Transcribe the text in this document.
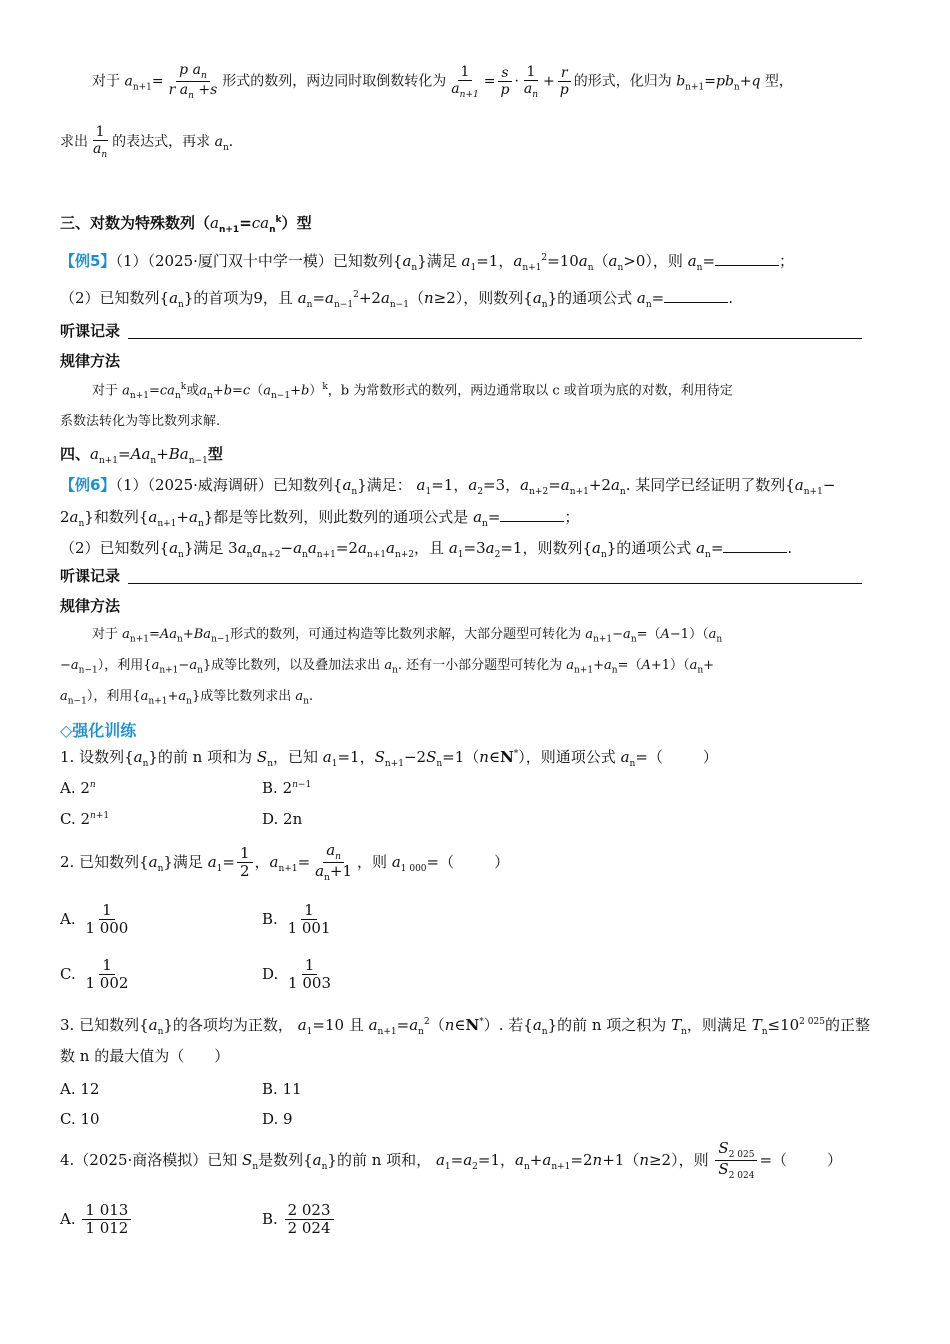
对于 $a_{n+1}= \frac{p a_n}{r a_n +s}$ 形式的数列，两边同时取倒数转化为 $\frac{1}{a_{n+1}} = \frac{s}{p} \cdot \frac{1}{a_n} + \frac{r}{p}$ 的形式，化归为 $b_{n+1}=pb_n+q$ 型，
求出 $\frac{1}{a_n}$ 的表达式，再求 $a_n$.
三、对数为特殊数列$(a_{n+1}=ca_n^k)$型
【例5】（1）（2025·厦门双十中学一模）已知数列$\{a_n\}$满足 $a_1=1$，$a_{n+1}^2=10a_n(a_n>0)$，则 $a_n=$	；
（2）已知数列$\{a_n\}$的首项为9，且 $a_n=a_{n-1}^2+2a_{n-1}(n\ge 2)$，则数列$\{a_n\}$的通项公式 $a_n=$	.
听课记录
规律方法
对于 $a_{n+1}=ca_n^k$或$a_n+b=c(a_{n-1}+b)^k$，b 为常数形式的数列，两边通常取以 c 或首项为底的对数，利用待定
系数法转化为等比数列求解.
四、$a_{n+1}=Aa_n+Ba_{n-1}$型
【例6】（1）（2025·威海调研）已知数列$\{a_n\}$满足： $a_1=1$，$a_2=3$，$a_{n+2}=a_{n+1}+2a_n$. 某同学已经证明了数列{$a_{n+1}-$
$2a_n$}和数列$\{a_{n+1}+a_n\}$都是等比数列，则此数列的通项公式是 $a_n=$	；
（2）已知数列$\{a_n\}$满足 $3a_na_{n+2}-a_na_{n+1}=2a_{n+1}a_{n+2}$，且 $a_1=3a_2=1$，则数列$\{a_n\}$的通项公式 $a_n=$	.
听课记录
规律方法
对于 $a_{n+1}=Aa_n+Ba_{n-1}$形式的数列，可通过构造等比数列求解，大部分题型可转化为 $a_{n+1}-a_n=(A-1)(a_n$
$-a_{n-1}$），利用$\{a_{n+1}-a_n\}$成等比数列，以及叠加法求出 $a_n$. 还有一小部分题型可转化为 $a_{n+1}+a_n=(A+1)(a_n+$
$a_{n-1}$），利用$\{a_{n+1}+a_n\}$成等比数列求出 $a_n$.
◇强化训练
1. 设数列$\{a_n\}$的前 n 项和为 $S_n$，已知 $a_1=1$，$S_{n+1}-2S_n=1(n\in N^*)$，则通项公式 $a_n=$（	）
A. 2$^n$	B. $2^{n-1}$
C. $2^{n+1}$	D. 2n
2. 已知数列$\{a_n\}$满足 $a_1= \frac{1}{2}$ ，$a_{n+1}= \frac{a_n}{a_n+1}$ ，则 $a_{1 000}=$（	）
A. $\frac{1}{1 000}$	B. $\frac{1}{1 001}$
C. $\frac{1}{1 002}$	D. $\frac{1}{1 003}$
3. 已知数列$\{a_n\}$的各项均为正数， $a_1=10$ 且 $a_{n+1}=a_n^2(n\in N^*)$. 若$\{a_n\}$的前 n 项之积为 $T_n$，则满足 $T_n\le 10^{2 025}$的正整
数 n 的最大值为（　　）
A. 12	B. 11
C. 10	D. 9
4.（2025·商洛模拟）已知 $S_n$是数列$\{a_n\}$的前 n 项和， $a_1=a_2=1$，$a_n+a_{n+1}=2n+1(n\ge 2)$，则 $\frac{S_{2 025}}{S_{2 024}}$ =（	）
A. $\frac{1 013}{1 012}$	B. $\frac{2 023}{2 024}$
